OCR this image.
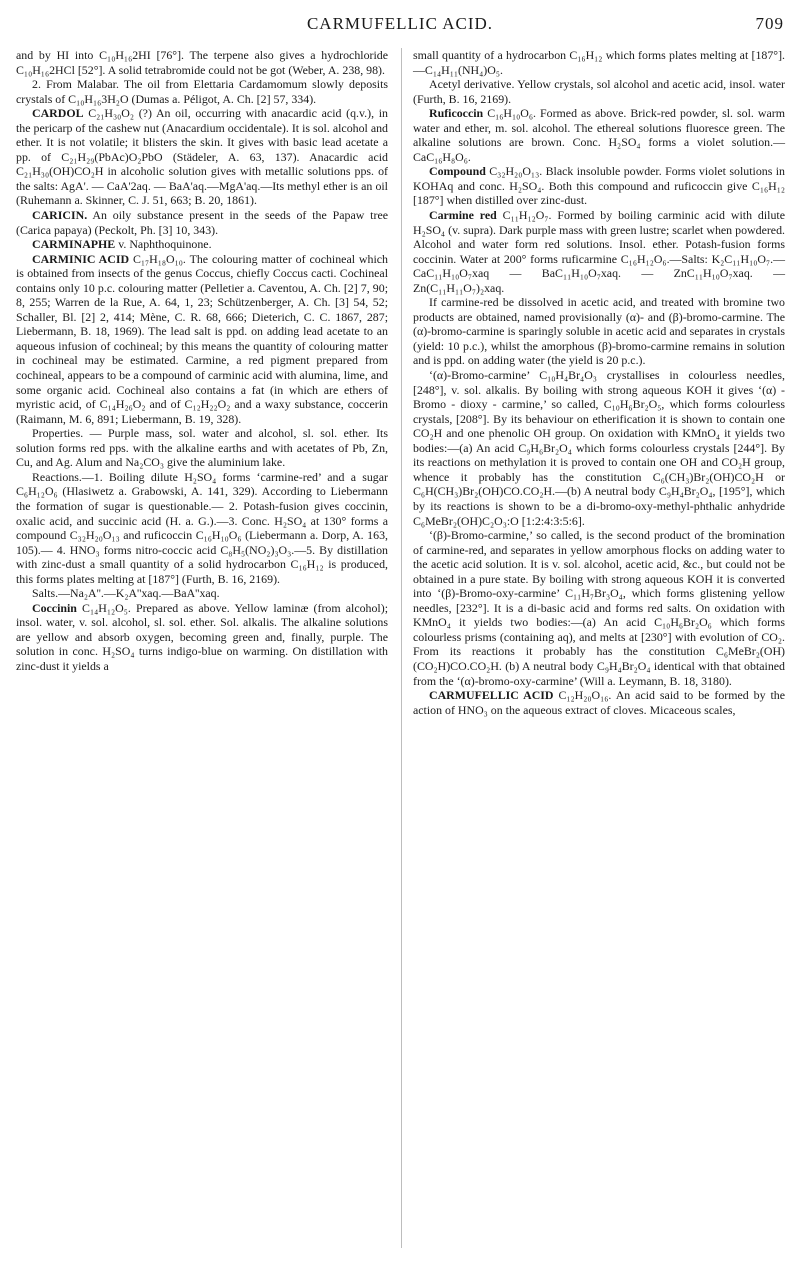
CARMUFELLIC ACID.	709

and by HI into C₁₀H₁₆2HI [76°]. The terpene also gives a hydrochloride C₁₀H₁₆2HCl [52°]. A solid tetrabromide could not be got (Weber, A. 238, 98).

2. From Malabar. The oil from Elettaria Cardamomum slowly deposits crystals of C₁₀H₁₆3H₂O (Dumas a. Péligot, A. Ch. [2] 57, 334).

CARDOL C₂₁H₃₀O₂ (?) An oil, occurring with anacardic acid (q.v.), in the pericarp of the cashew nut (Anacardium occidentale). It is sol. alcohol and ether. It is not volatile; it blisters the skin. It gives with basic lead acetate a pp. of C₂₁H₂₉(PbAc)O₂PbO (Städeler, A. 63, 137). Anacardic acid C₂₁H₃₀(OH)CO₂H in alcoholic solution gives with metallic solutions pps. of the salts: AgA'. — CaA'2aq. — BaA'aq.—MgA'aq.—Its methyl ether is an oil (Ruhemann a. Skinner, C. J. 51, 663; B. 20, 1861).

CARICIN. An oily substance present in the seeds of the Papaw tree (Carica papaya) (Peckolt, Ph. [3] 10, 343).

CARMINAPHE v. Naphthoquinone.

CARMINIC ACID C₁₇H₁₈O₁₀. The colouring matter of cochineal which is obtained from insects of the genus Coccus, chiefly Coccus cacti. Cochineal contains only 10 p.c. colouring matter (Pelletier a. Caventou, A. Ch. [2] 7, 90; 8, 255; Warren de la Rue, A. 64, 1, 23; Schützenberger, A. Ch. [3] 54, 52; Schaller, Bl. [2] 2, 414; Mène, C. R. 68, 666; Dieterich, C. C. 1867, 287; Liebermann, B. 18, 1969). The lead salt is ppd. on adding lead acetate to an aqueous infusion of cochineal; by this means the quantity of colouring matter in cochineal may be estimated. Carmine, a red pigment prepared from cochineal, appears to be a compound of carminic acid with alumina, lime, and some organic acid. Cochineal also contains a fat (in which are ethers of myristic acid, of C₁₄H₂₆O₂ and of C₁₂H₂₂O₂ and a waxy substance, coccerin (Raimann, M. 6, 891; Liebermann, B. 19, 328).

Properties. — Purple mass, sol. water and alcohol, sl. sol. ether. Its solution forms red pps. with the alkaline earths and with acetates of Pb, Zn, Cu, and Ag. Alum and Na₂CO₃ give the aluminium lake.

Reactions.—1. Boiling dilute H₂SO₄ forms ‘carmine-red’ and a sugar C₆H₁₂O₆ (Hlasiwetz a. Grabowski, A. 141, 329). According to Liebermann the formation of sugar is questionable.— 2. Potash-fusion gives coccinin, oxalic acid, and succinic acid (H. a. G.).—3. Conc. H₂SO₄ at 130° forms a compound C₃₂H₂₀O₁₃ and ruficoccin C₁₆H₁₀O₆ (Liebermann a. Dorp, A. 163, 105).— 4. HNO₃ forms nitro-coccic acid C₈H₅(NO₂)₃O₃.—5. By distillation with zinc-dust a small quantity of a solid hydrocarbon C₁₆H₁₂ is produced, this forms plates melting at [187°] (Furth, B. 16, 2169).

Salts.—Na₂A''.—K₂A''xaq.—BaA''xaq.

Coccinin C₁₄H₁₂O₅. Prepared as above. Yellow laminæ (from alcohol); insol. water, v. sol. alcohol, sl. sol. ether. Sol. alkalis. The alkaline solutions are yellow and absorb oxygen, becoming green and, finally, purple. The solution in conc. H₂SO₄ turns indigo-blue on warming. On distillation with zinc-dust it yields a

small quantity of a hydrocarbon C₁₆H₁₂ which forms plates melting at [187°].—C₁₄H₁₁(NH₄)O₅.

Acetyl derivative. Yellow crystals, sol alcohol and acetic acid, insol. water (Furth, B. 16, 2169).

Ruficoccin C₁₆H₁₀O₆. Formed as above. Brick-red powder, sl. sol. warm water and ether, m. sol. alcohol. The ethereal solutions fluoresce green. The alkaline solutions are brown. Conc. H₂SO₄ forms a violet solution.— CaC₁₆H₈O₆.

Compound C₃₂H₂₀O₁₃. Black insoluble powder. Forms violet solutions in KOHAq and conc. H₂SO₄. Both this compound and ruficoccin give C₁₆H₁₂ [187°] when distilled over zinc-dust.

Carmine red C₁₁H₁₂O₇. Formed by boiling carminic acid with dilute H₂SO₄ (v. supra). Dark purple mass with green lustre; scarlet when powdered. Alcohol and water form red solutions. Insol. ether. Potash-fusion forms coccinin. Water at 200° forms ruficarmine C₁₆H₁₂O₆.—Salts: K₂C₁₁H₁₀O₇.—CaC₁₁H₁₀O₇xaq — BaC₁₁H₁₀O₇xaq. — ZnC₁₁H₁₀O₇xaq. — Zn(C₁₁H₁₁O₇)₂xaq.

If carmine-red be dissolved in acetic acid, and treated with bromine two products are obtained, named provisionally (α)- and (β)-bromo-carmine. The (α)-bromo-carmine is sparingly soluble in acetic acid and separates in crystals (yield: 10 p.c.), whilst the amorphous (β)-bromo-carmine remains in solution and is ppd. on adding water (the yield is 20 p.c.).

‘(α)-Bromo-carmine’ C₁₀H₄Br₄O₃ crystallises in colourless needles, [248°], v. sol. alkalis. By boiling with strong aqueous KOH it gives ‘(α) - Bromo - dioxy - carmine,’ so called, C₁₀H₆Br₂O₅, which forms colourless crystals, [208°]. By its behaviour on etherification it is shown to contain one CO₂H and one phenolic OH group. On oxidation with KMnO₄ it yields two bodies:—(a) An acid C₉H₆Br₂O₄ which forms colourless crystals [244°]. By its reactions on methylation it is proved to contain one OH and CO₂H group, whence it probably has the constitution C₆(CH₃)Br₂(OH)CO₂H or C₆H(CH₃)Br₂(OH)CO.CO₂H.—(b) A neutral body C₉H₄Br₂O₄, [195°], which by its reactions is shown to be a di-bromo-oxy-methyl-phthalic anhydride C₆MeBr₂(OH)C₂O₃:O [1:2:4:3:5:6].

‘(β)-Bromo-carmine,’ so called, is the second product of the bromination of carmine-red, and separates in yellow amorphous flocks on adding water to the acetic acid solution. It is v. sol. alcohol, acetic acid, &c., but could not be obtained in a pure state. By boiling with strong aqueous KOH it is converted into ‘(β)-Bromo-oxy-carmine’ C₁₁H₇Br₃O₄, which forms glistening yellow needles, [232°]. It is a di-basic acid and forms red salts. On oxidation with KMnO₄ it yields two bodies:—(a) An acid C₁₀H₆Br₂O₆ which forms colourless prisms (containing aq), and melts at [230°] with evolution of CO₂. From its reactions it probably has the constitution C₆MeBr₂(OH)(CO₂H)CO.CO₂H. (b) A neutral body C₉H₄Br₂O₄ identical with that obtained from the ‘(α)-bromo-oxy-carmine’ (Will a. Leymann, B. 18, 3180).

CARMUFELLIC ACID C₁₂H₂₀O₁₆. An acid said to be formed by the action of HNO₃ on the aqueous extract of cloves. Micaceous scales,
